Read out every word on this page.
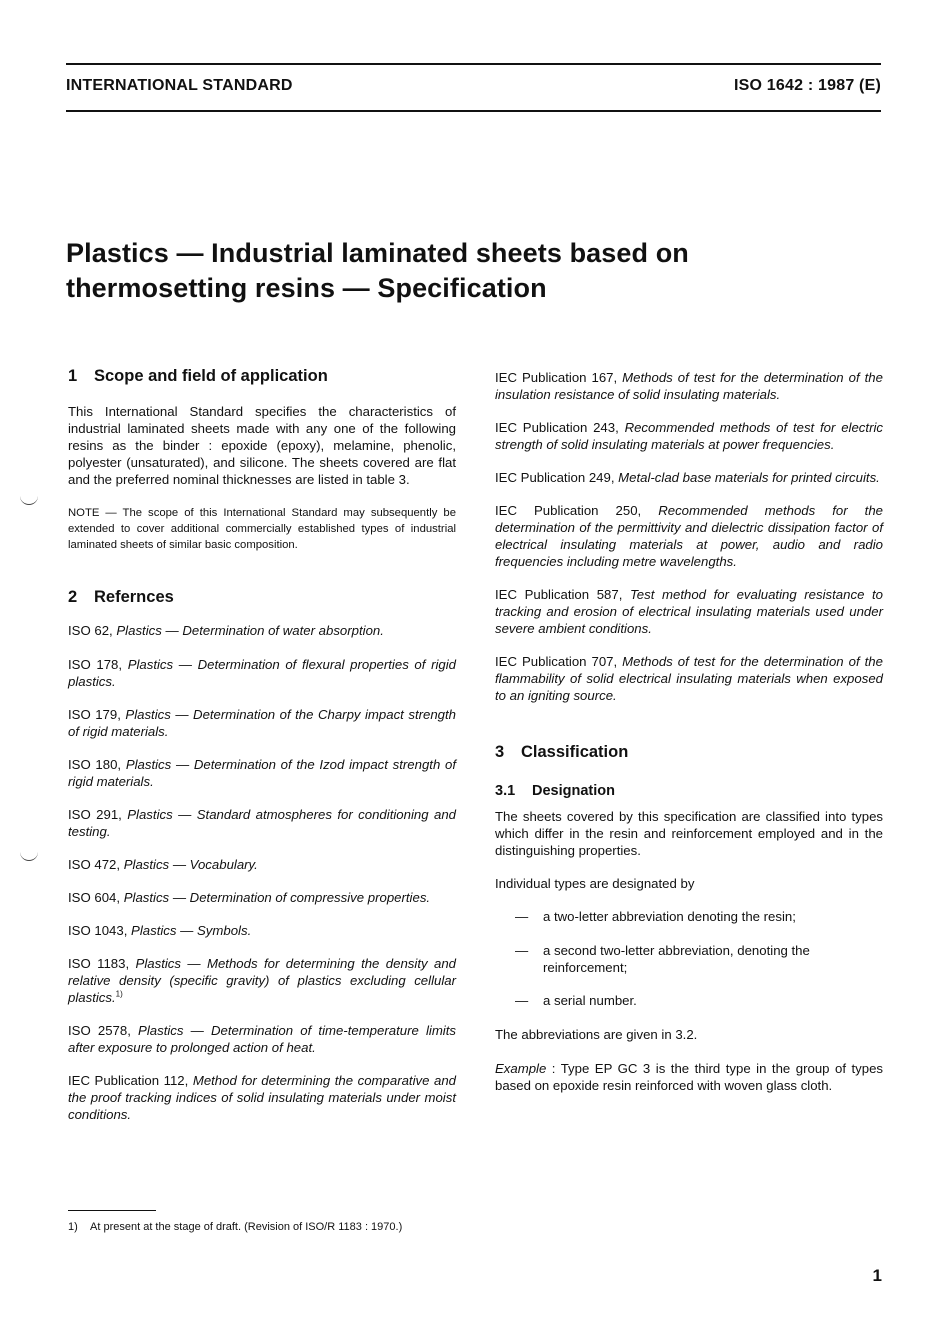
INTERNATIONAL STANDARD	ISO 1642 : 1987 (E)
Plastics — Industrial laminated sheets based on
thermosetting resins — Specification
1 Scope and field of application

This International Standard specifies the characteristics of industrial laminated sheets made with any one of the following resins as the binder : epoxide (epoxy), melamine, phenolic, polyester (unsaturated), and silicone. The sheets covered are flat and the preferred nominal thicknesses are listed in table 3.

NOTE — The scope of this International Standard may subsequently be extended to cover additional commercially established types of industrial laminated sheets of similar basic composition.

2 Refernces

ISO 62, Plastics — Determination of water absorption.

ISO 178, Plastics — Determination of flexural properties of rigid plastics.

ISO 179, Plastics — Determination of the Charpy impact strength of rigid materials.

ISO 180, Plastics — Determination of the Izod impact strength of rigid materials.

ISO 291, Plastics — Standard atmospheres for conditioning and testing.

ISO 472, Plastics — Vocabulary.

ISO 604, Plastics — Determination of compressive properties.

ISO 1043, Plastics — Symbols.

ISO 1183, Plastics — Methods for determining the density and relative density (specific gravity) of plastics excluding cellular plastics.$^{1)}$

ISO 2578, Plastics — Determination of time-temperature limits after exposure to prolonged action of heat.

IEC Publication 112, Method for determining the comparative and the proof tracking indices of solid insulating materials under moist conditions.

IEC Publication 167, Methods of test for the determination of the insulation resistance of solid insulating materials.

IEC Publication 243, Recommended methods of test for electric strength of solid insulating materials at power frequencies.

IEC Publication 249, Metal-clad base materials for printed circuits.

IEC Publication 250, Recommended methods for the determination of the permittivity and dielectric dissipation factor of electrical insulating materials at power, audio and radio frequencies including metre wavelengths.

IEC Publication 587, Test method for evaluating resistance to tracking and erosion of electrical insulating materials used under severe ambient conditions.

IEC Publication 707, Methods of test for the determination of the flammability of solid electrical insulating materials when exposed to an igniting source.

3 Classification
3.1 Designation

The sheets covered by this specification are classified into types which differ in the resin and reinforcement employed and in the distinguishing properties.

Individual types are designated by

—	a two-letter abbreviation denoting the resin;
—	a second two-letter abbreviation, denoting the reinforcement;
—	a serial number.

The abbreviations are given in 3.2.

Example : Type EP GC 3 is the third type in the group of types based on epoxide resin reinforced with woven glass cloth.

1) At present at the stage of draft. (Revision of ISO/R 1183 : 1970.)
1
